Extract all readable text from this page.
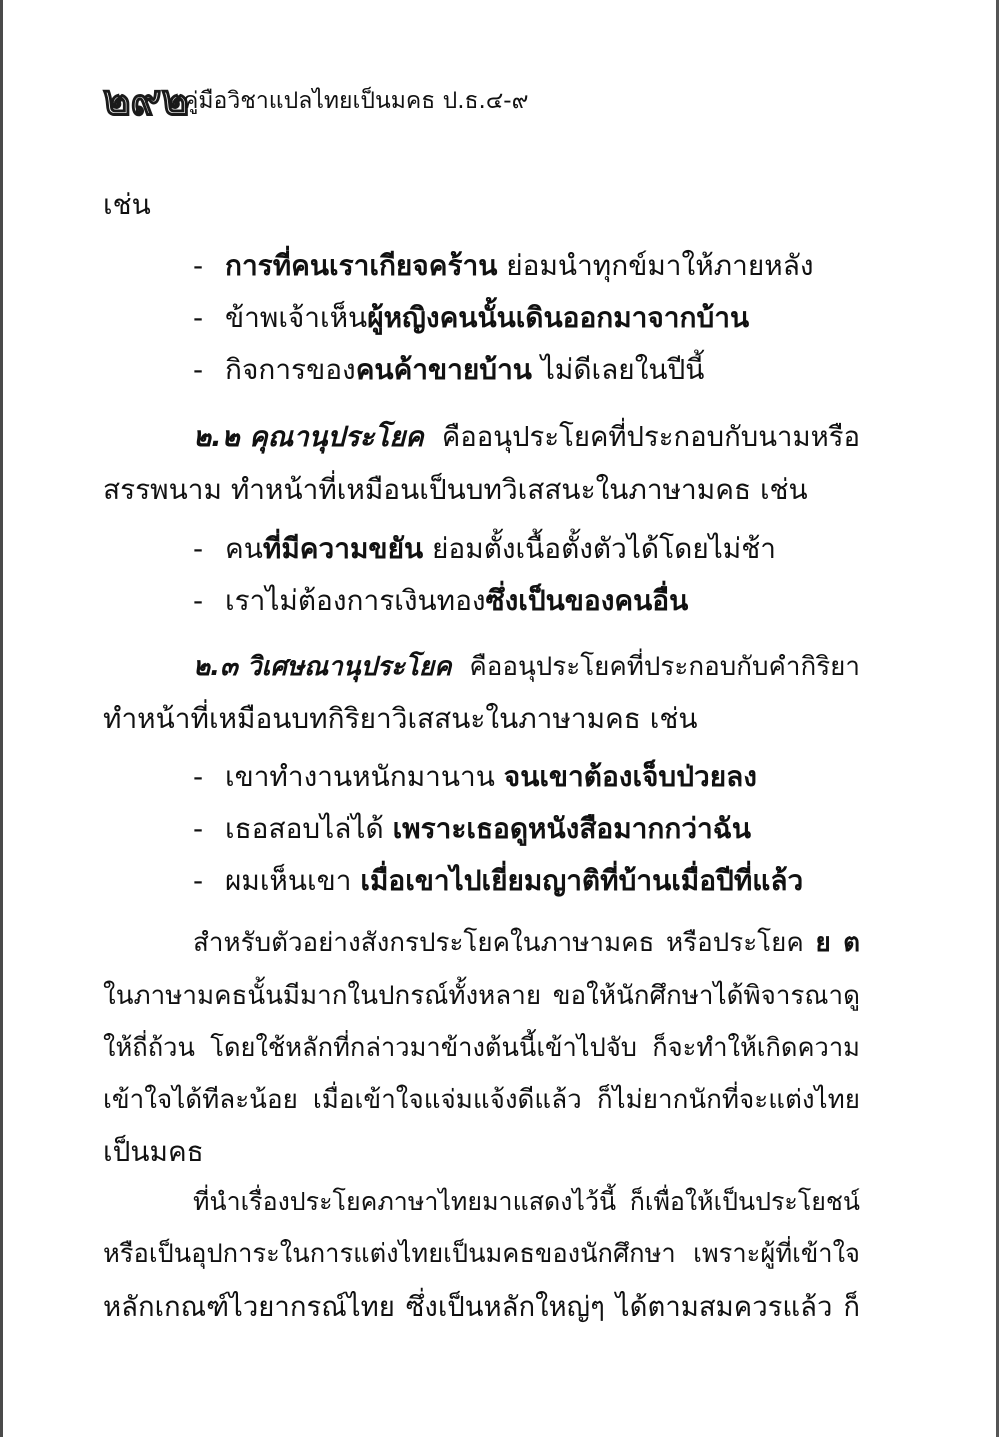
๒๙๒
คู่มือวิชาแปลไทยเป็นมคธ ป.ธ.๔-๙
เช่น
- การที่คนเราเกียจคร้าน ย่อมนำทุกข์มาให้ภายหลัง
- ข้าพเจ้าเห็นผู้หญิงคนนั้นเดินออกมาจากบ้าน
- กิจการของคนค้าขายบ้าน ไม่ดีเลยในปีนี้
๒.๒ คุณานุประโยค คืออนุประโยคที่ประกอบกับนามหรือ
สรรพนาม ทำหน้าที่เหมือนเป็นบทวิเสสนะในภาษามคธ เช่น
- คนที่มีความขยัน ย่อมตั้งเนื้อตั้งตัวได้โดยไม่ช้า
- เราไม่ต้องการเงินทองซึ่งเป็นของคนอื่น
๒.๓ วิเศษณานุประโยค คืออนุประโยคที่ประกอบกับคำกิริยา
ทำหน้าที่เหมือนบทกิริยาวิเสสนะในภาษามคธ เช่น
- เขาทำงานหนักมานาน จนเขาต้องเจ็บป่วยลง
- เธอสอบไล่ได้ เพราะเธอดูหนังสือมากกว่าฉัน
- ผมเห็นเขา เมื่อเขาไปเยี่ยมญาติที่บ้านเมื่อปีที่แล้ว
สำหรับตัวอย่างสังกรประโยคในภาษามคธ หรือประโยค ย ต
ในภาษามคธนั้นมีมากในปกรณ์ทั้งหลาย ขอให้นักศึกษาได้พิจารณาดู
ให้ถี่ถ้วน โดยใช้หลักที่กล่าวมาข้างต้นนี้เข้าไปจับ ก็จะทำให้เกิดความ
เข้าใจได้ทีละน้อย เมื่อเข้าใจแจ่มแจ้งดีแล้ว ก็ไม่ยากนักที่จะแต่งไทย
เป็นมคธ
ที่นำเรื่องประโยคภาษาไทยมาแสดงไว้นี้ ก็เพื่อให้เป็นประโยชน์
หรือเป็นอุปการะในการแต่งไทยเป็นมคธของนักศึกษา เพราะผู้ที่เข้าใจ
หลักเกณฑ์ไวยากรณ์ไทย ซึ่งเป็นหลักใหญ่ๆ ได้ตามสมควรแล้ว ก็
